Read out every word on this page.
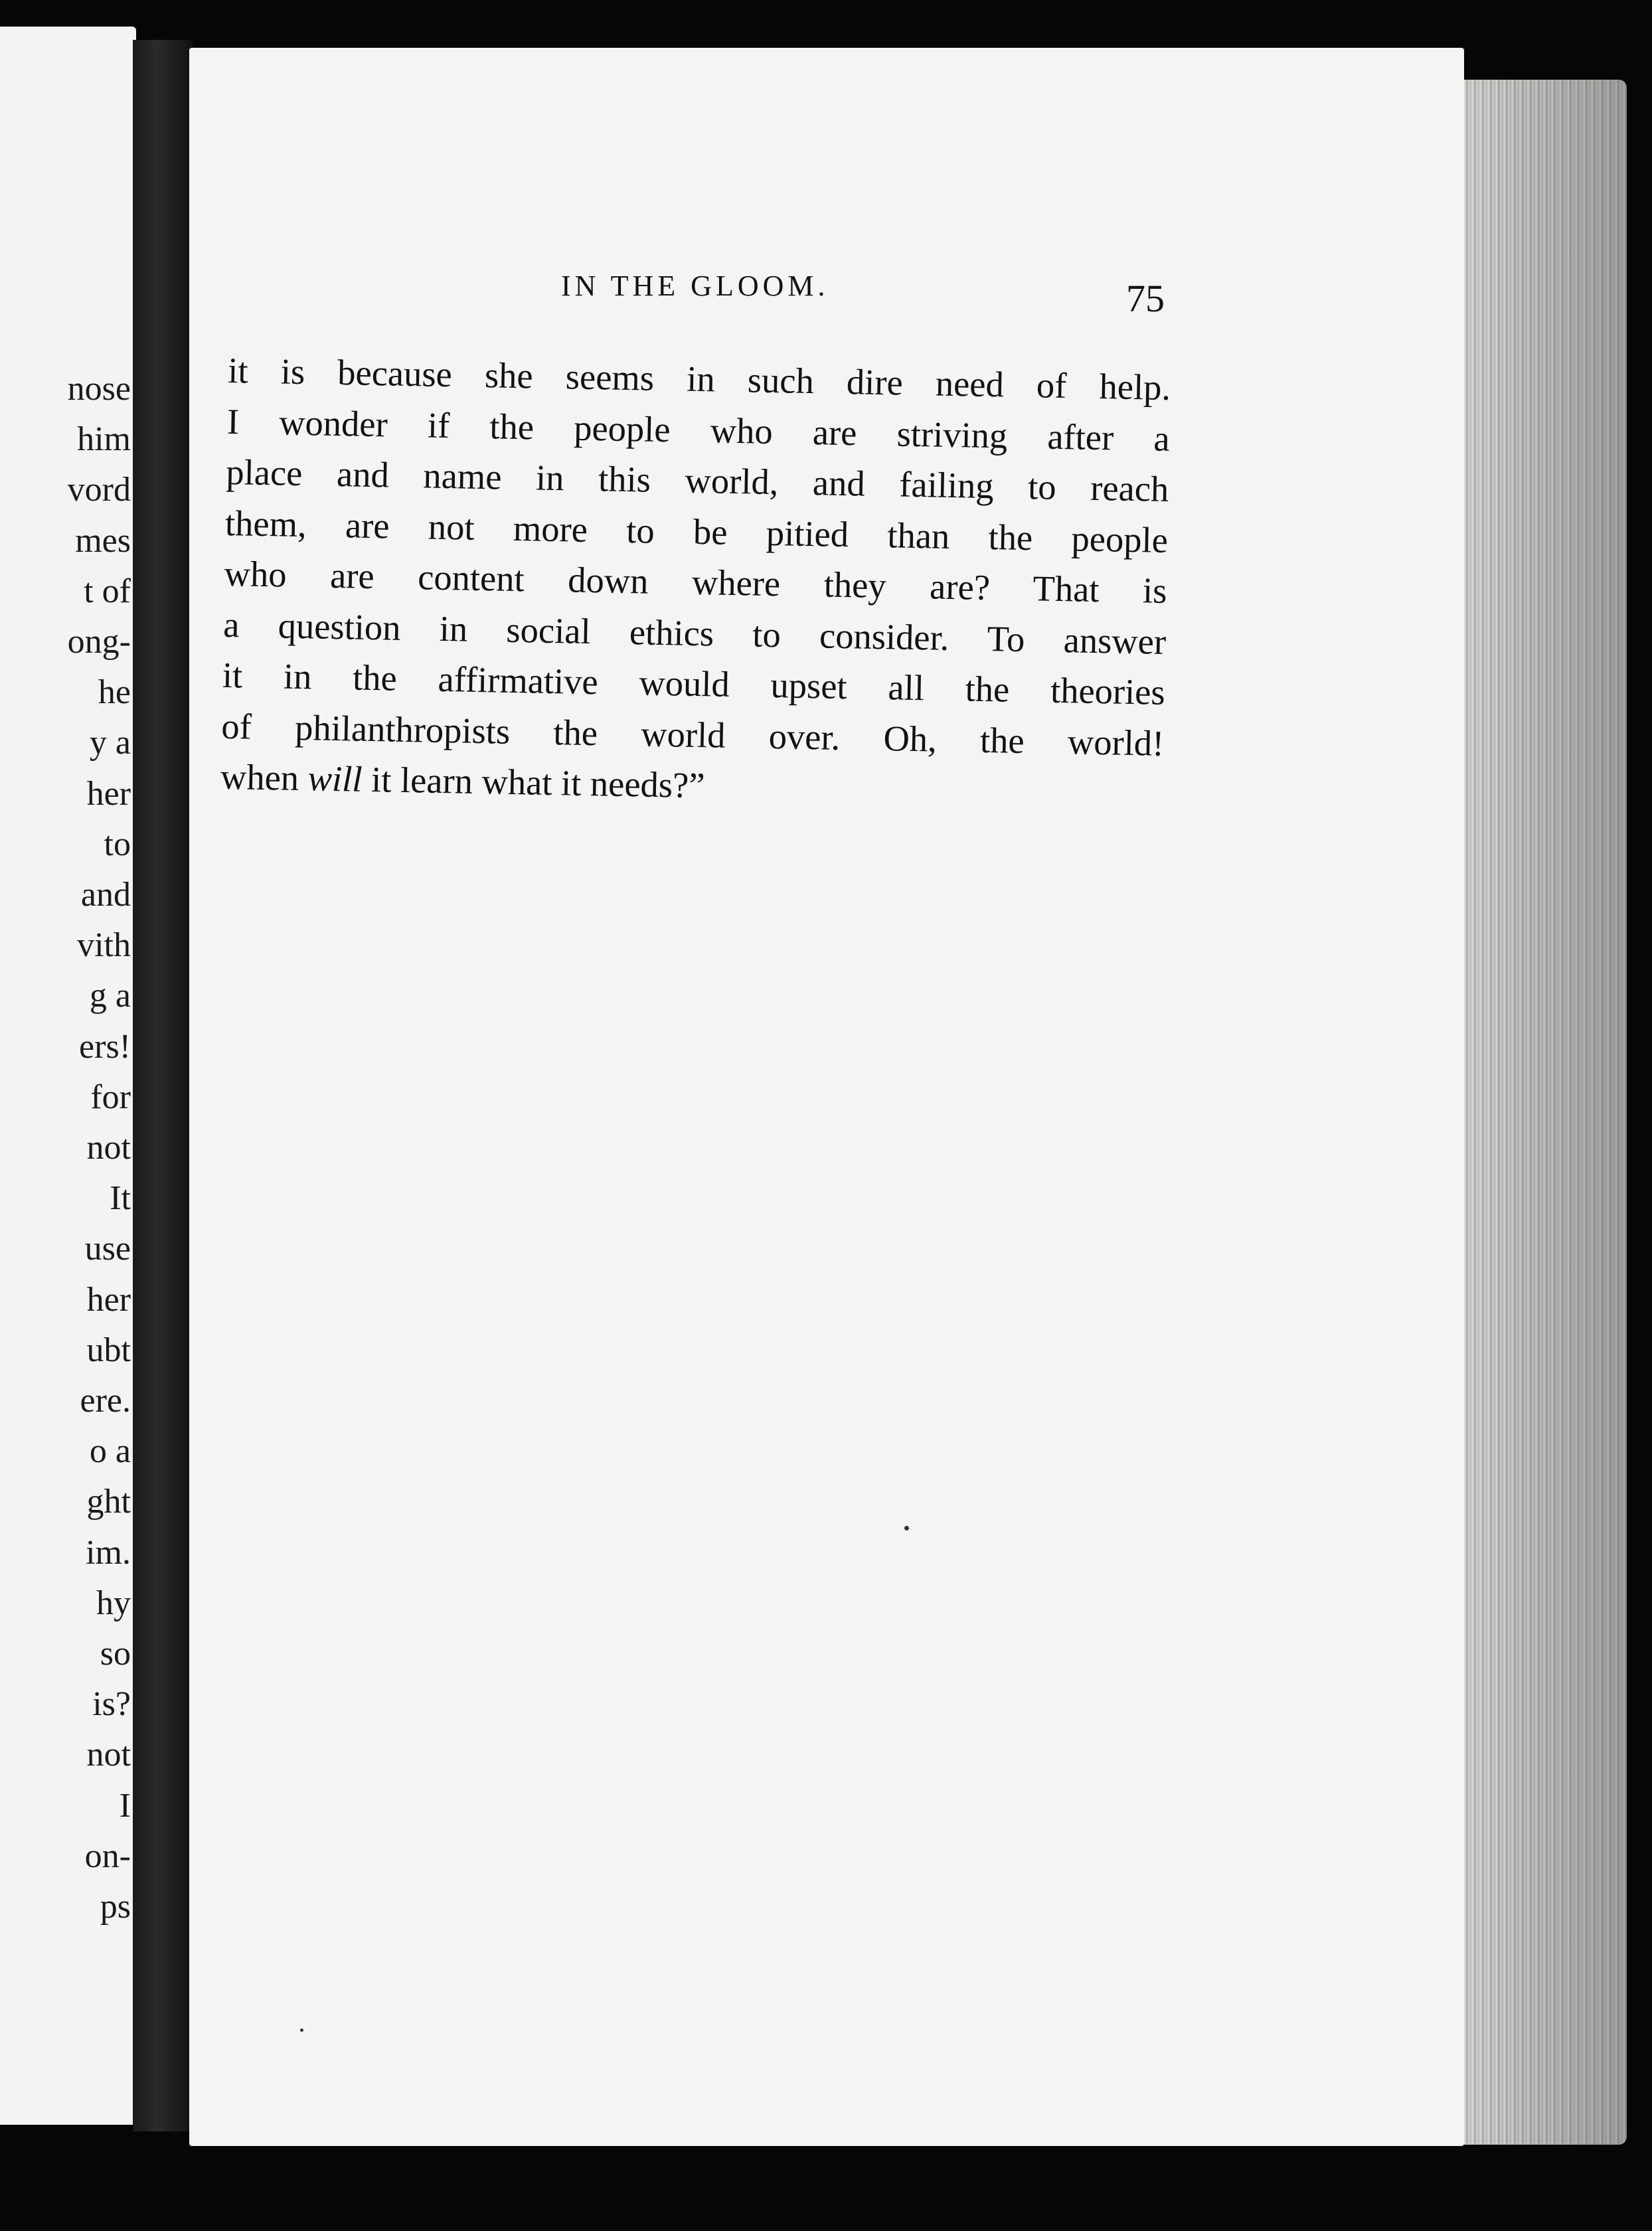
nose
him
vord
mes
t of
ong-
he
y a
her
to
and
vith
g a
ers!
for
not
It
use
her
ubt
ere.
o a
ght
im.
hy
so
is?
not
I
on-
ps
IN THE GLOOM.	75
it is because she seems in such dire need of help.
I wonder if the people who are striving after a
place and name in this world, and failing to reach
them, are not more to be pitied than the people
who are content down where they are? That is
a question in social ethics to consider. To answer
it in the affirmative would upset all the theories
of philanthropists the world over. Oh, the world!
when will it learn what it needs?”
